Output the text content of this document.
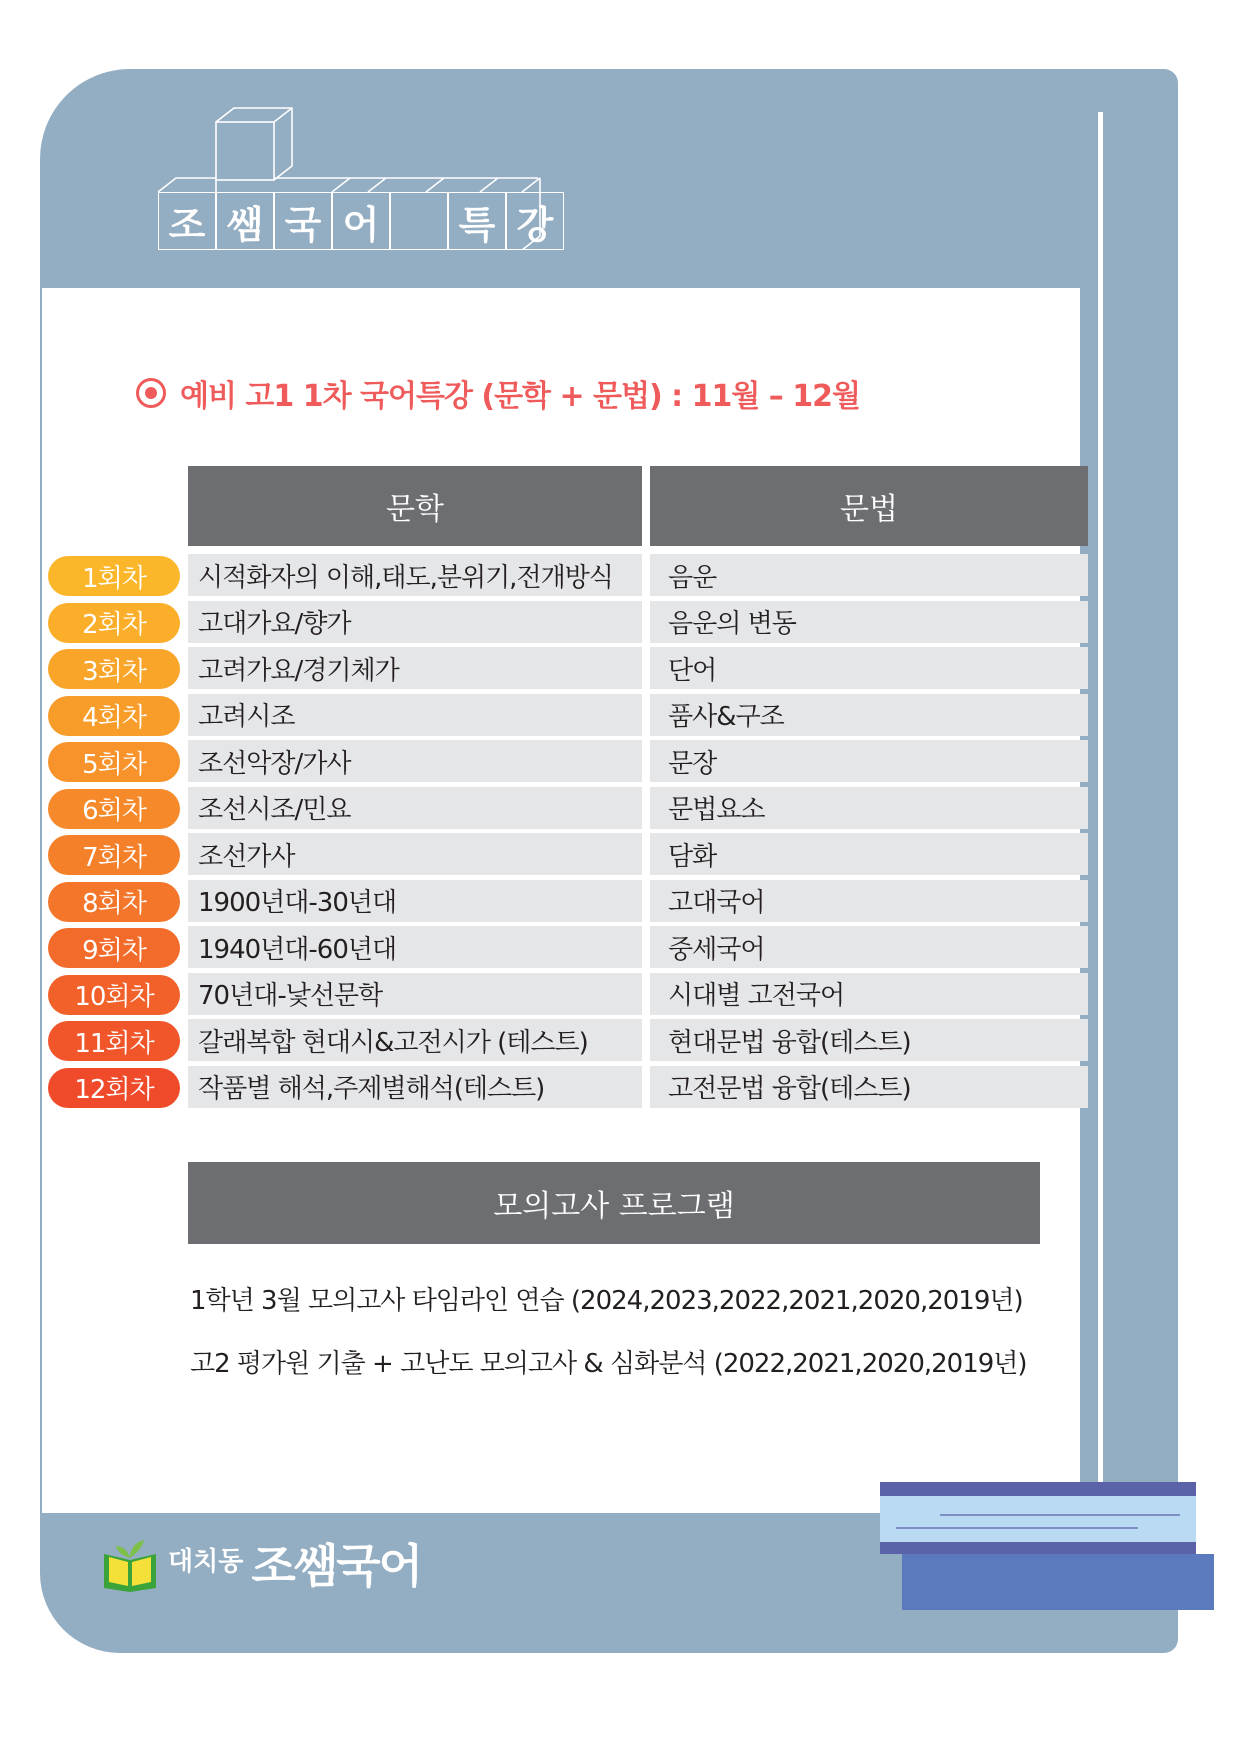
조 쌤 국 어 특 강
예비 고1 1차 국어특강 (문학 + 문법) : 11월 – 12월
문학	문법
1회차	시적화자의 이해,태도,분위기,전개방식	음운
2회차	고대가요/향가	음운의 변동
3회차	고려가요/경기체가	단어
4회차	고려시조	품사&구조
5회차	조선악장/가사	문장
6회차	조선시조/민요	문법요소
7회차	조선가사	담화
8회차	1900년대-30년대	고대국어
9회차	1940년대-60년대	중세국어
10회차	70년대-낯선문학	시대별 고전국어
11회차	갈래복합 현대시&고전시가 (테스트)	현대문법 융합(테스트)
12회차	작품별 해석,주제별해석(테스트)	고전문법 융합(테스트)
모의고사 프로그램
1학년 3월 모의고사 타임라인 연습 (2024,2023,2022,2021,2020,2019년)
고2 평가원 기출 + 고난도 모의고사 & 심화분석 (2022,2021,2020,2019년)
대치동 조쌤국어
